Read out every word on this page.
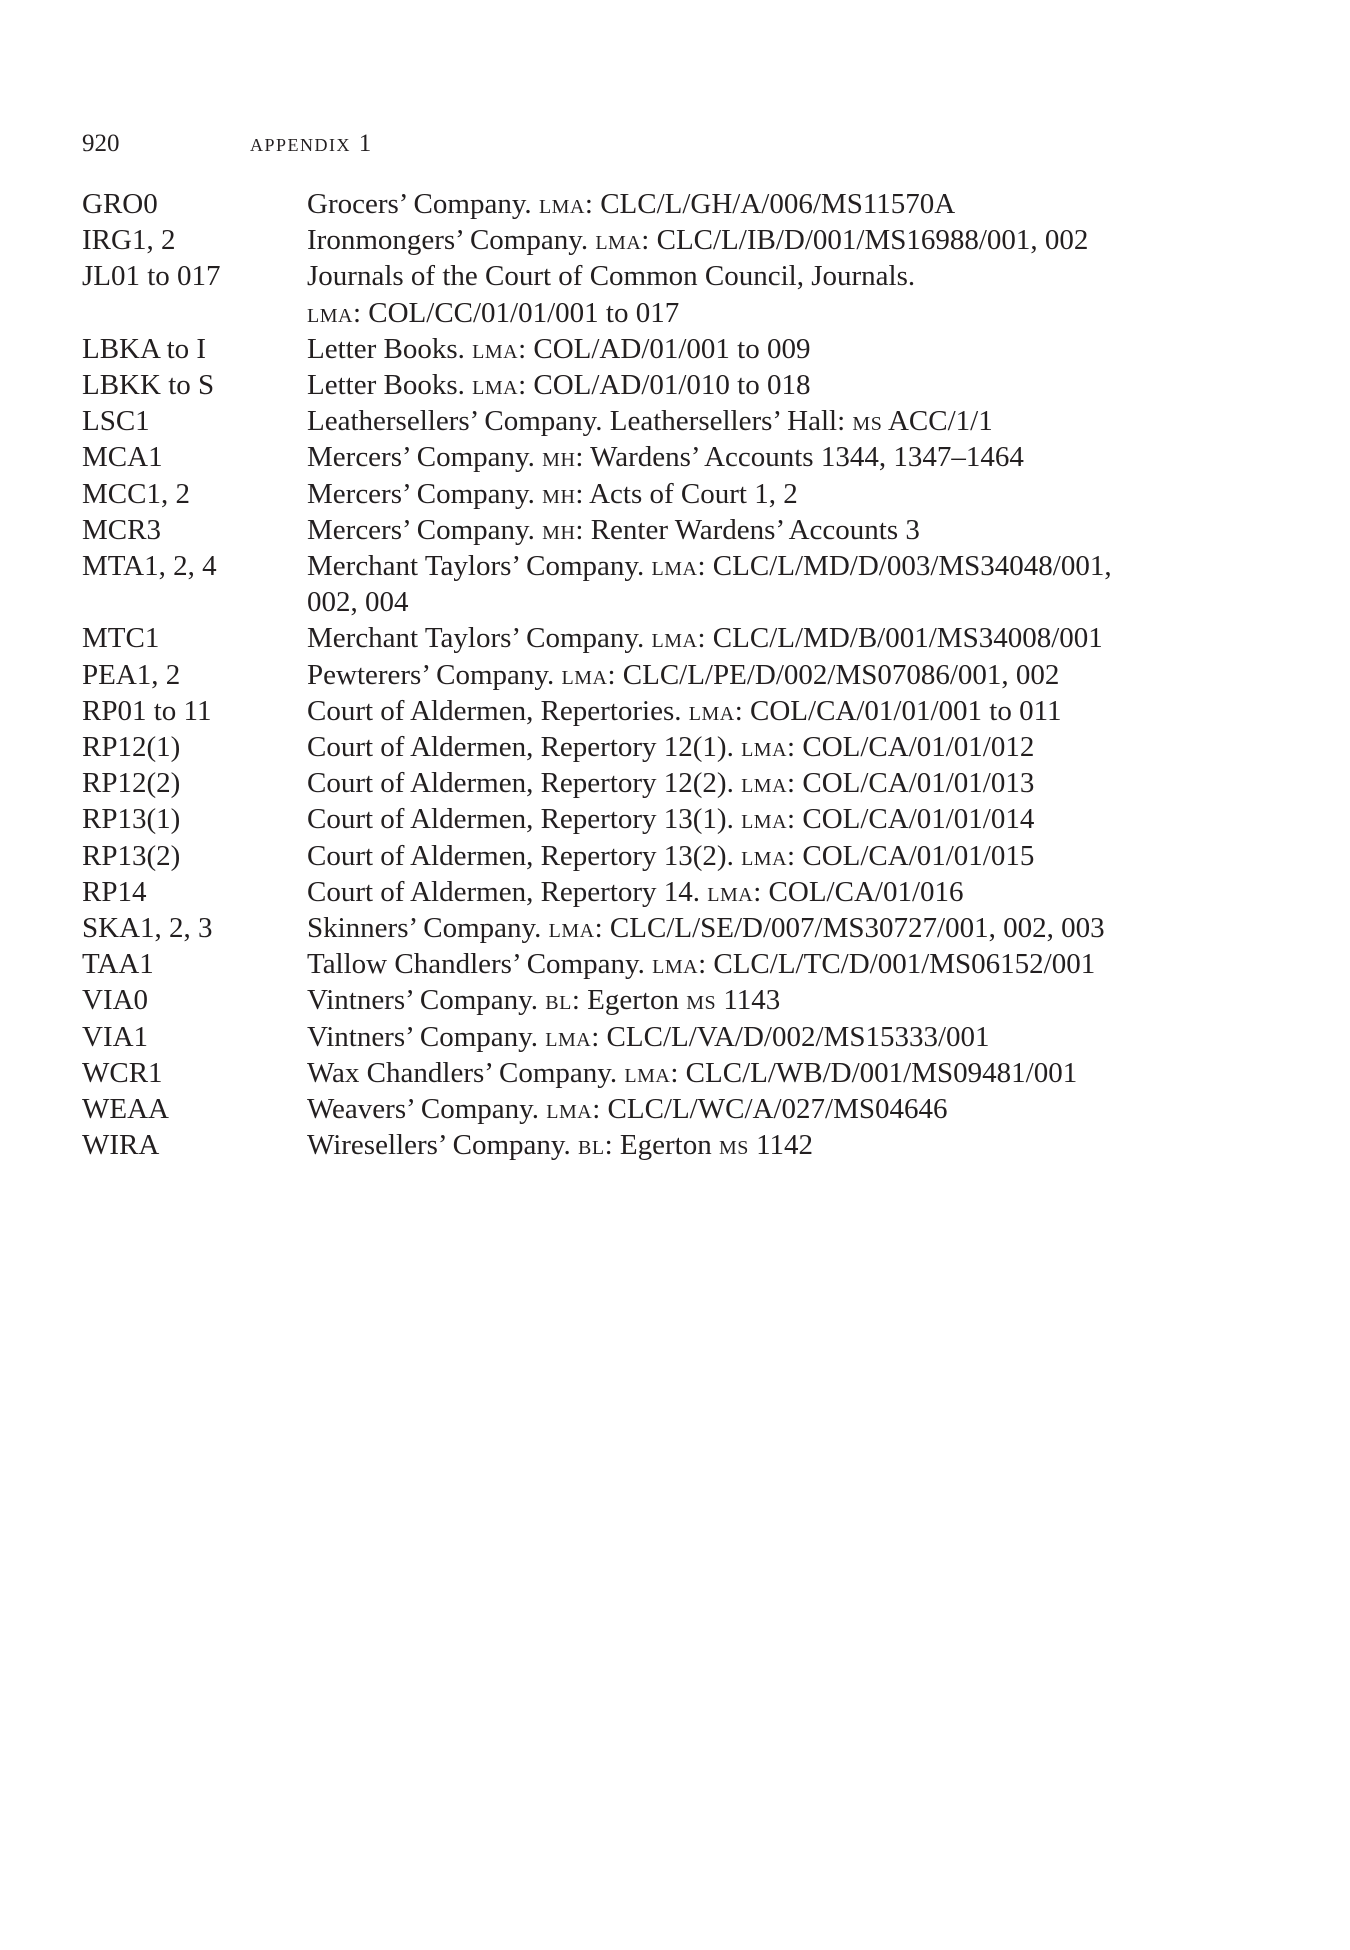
920	appendix 1
GRO0	Grocers’ Company. lma: CLC/L/GH/A/006/MS11570A
IRG1, 2	Ironmongers’ Company. lma: CLC/L/IB/D/001/MS16988/001, 002
JL01 to 017	Journals of the Court of Common Council, Journals.
lma: COL/CC/01/01/001 to 017
LBKA to I	Letter Books. lma: COL/AD/01/001 to 009
LBKK to S	Letter Books. lma: COL/AD/01/010 to 018
LSC1	Leathersellers’ Company. Leathersellers’ Hall: ms ACC/1/1
MCA1	Mercers’ Company. mh: Wardens’ Accounts 1344, 1347–1464
MCC1, 2	Mercers’ Company. mh: Acts of Court 1, 2
MCR3	Mercers’ Company. mh: Renter Wardens’ Accounts 3
MTA1, 2, 4	Merchant Taylors’ Company. lma: CLC/L/MD/D/003/MS34048/001,
002, 004
MTC1	Merchant Taylors’ Company. lma: CLC/L/MD/B/001/MS34008/001
PEA1, 2	Pewterers’ Company. lma: CLC/L/PE/D/002/MS07086/001, 002
RP01 to 11	Court of Aldermen, Repertories. lma: COL/CA/01/01/001 to 011
RP12(1)	Court of Aldermen, Repertory 12(1). lma: COL/CA/01/01/012
RP12(2)	Court of Aldermen, Repertory 12(2). lma: COL/CA/01/01/013
RP13(1)	Court of Aldermen, Repertory 13(1). lma: COL/CA/01/01/014
RP13(2)	Court of Aldermen, Repertory 13(2). lma: COL/CA/01/01/015
RP14	Court of Aldermen, Repertory 14. lma: COL/CA/01/016
SKA1, 2, 3	Skinners’ Company. lma: CLC/L/SE/D/007/MS30727/001, 002, 003
TAA1	Tallow Chandlers’ Company. lma: CLC/L/TC/D/001/MS06152/001
VIA0	Vintners’ Company. bl: Egerton ms 1143
VIA1	Vintners’ Company. lma: CLC/L/VA/D/002/MS15333/001
WCR1	Wax Chandlers’ Company. lma: CLC/L/WB/D/001/MS09481/001
WEAA	Weavers’ Company. lma: CLC/L/WC/A/027/MS04646
WIRA	Wiresellers’ Company. bl: Egerton ms 1142
